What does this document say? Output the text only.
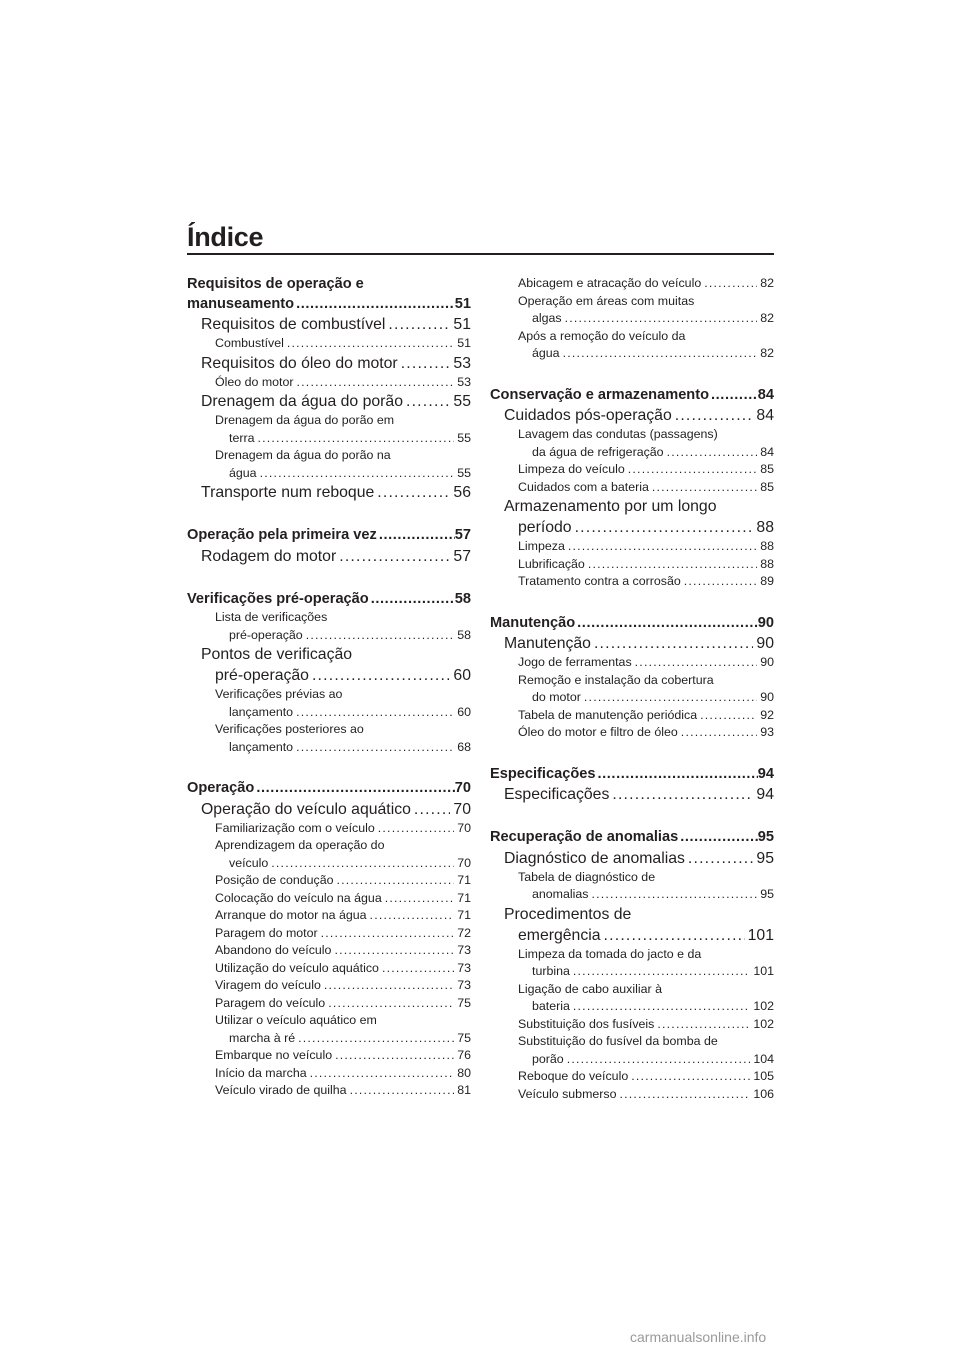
Índice
Requisitos de operação e
manuseamento .....	51
Requisitos de combustível .....	51
Combustível .....	51
Requisitos do óleo do motor .....	53
Óleo do motor .....	53
Drenagem da água do porão .....	55
Drenagem da água do porão em
terra .....	55
Drenagem da água do porão na
água .....	55
Transporte num reboque .....	56
Operação pela primeira vez .....	57
Rodagem do motor .....	57
Verificações pré-operação .....	58
Lista de verificações
pré-operação .....	58
Pontos de verificação
pré-operação .....	60
Verificações prévias ao
lançamento .....	60
Verificações posteriores ao
lançamento .....	68
Operação .....	70
Operação do veículo aquático .....	70
Familiarização com o veículo .....	70
Aprendizagem da operação do
veículo .....	70
Posição de condução .....	71
Colocação do veículo na água .....	71
Arranque do motor na água .....	71
Paragem do motor .....	72
Abandono do veículo .....	73
Utilização do veículo aquático .....	73
Viragem do veículo .....	73
Paragem do veículo .....	75
Utilizar o veículo aquático em
marcha à ré .....	75
Embarque no veículo .....	76
Início da marcha .....	80
Veículo virado de quilha .....	81
Abicagem e atracação do veículo .....	82
Operação em áreas com muitas
algas .....	82
Após a remoção do veículo da
água .....	82
Conservação e armazenamento .....	84
Cuidados pós-operação .....	84
Lavagem das condutas (passagens)
da água de refrigeração .....	84
Limpeza do veículo .....	85
Cuidados com a bateria .....	85
Armazenamento por um longo
período .....	88
Limpeza .....	88
Lubrificação .....	88
Tratamento contra a corrosão .....	89
Manutenção .....	90
Manutenção .....	90
Jogo de ferramentas .....	90
Remoção e instalação da cobertura
do motor .....	90
Tabela de manutenção periódica .....	92
Óleo do motor e filtro de óleo .....	93
Especificações .....	94
Especificações .....	94
Recuperação de anomalias .....	95
Diagnóstico de anomalias .....	95
Tabela de diagnóstico de
anomalias .....	95
Procedimentos de
emergência .....	101
Limpeza da tomada do jacto e da
turbina .....	101
Ligação de cabo auxiliar à
bateria .....	102
Substituição dos fusíveis .....	102
Substituição do fusível da bomba de
porão .....	104
Reboque do veículo .....	105
Veículo submerso .....	106
carmanualsonline.info
